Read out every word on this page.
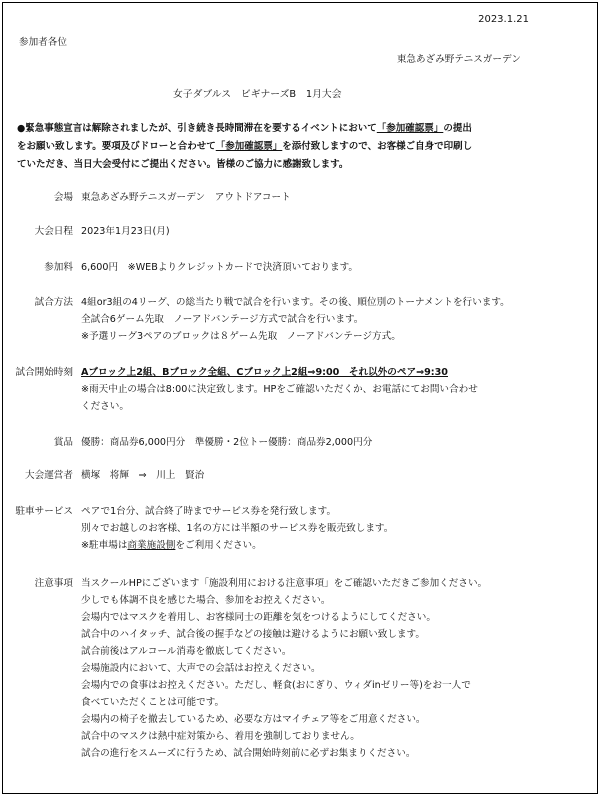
2023.1.21
参加者各位
東急あざみ野テニスガーデン
女子ダブルス　ビギナーズB　1月大会
●緊急事態宣言は解除されましたが、引き続き長時間滞在を要するイベントにおいて「参加確認票」の提出
をお願い致します。要項及びドローと合わせて「参加確認票」を添付致しますので、お客様ご自身で印刷し
ていただき、当日大会受付にご提出ください。皆様のご協力に感謝致します。
会場 東急あざみ野テニスガーデン　アウトドアコート
大会日程 2023年1月23日(月)
参加料 6,600円　※WEBよりクレジットカードで決済頂いております。
試合方法 4組or3組の4リーグ、の総当たり戦で試合を行います。その後、順位別のトーナメントを行います。
全試合6ゲーム先取　ノーアドバンテージ方式で試合を行います。
※予選リーグ3ペアのブロックは８ゲーム先取　ノーアドバンテージ方式。
試合開始時刻 Aブロック上2組、Bブロック全組、Cブロック上2組⇒9:00　それ以外のペア⇒9:30
※雨天中止の場合は8:00に決定致します。HPをご確認いただくか、お電話にてお問い合わせ
ください。
賞品 優勝：商品券6,000円分　準優勝・2位トー優勝：商品券2,000円分
大会運営者 横塚　将輝　⇒　川上　賢治
駐車サービス ペアで1台分、試合終了時までサービス券を発行致します。
別々でお越しのお客様、1名の方には半額のサービス券を販売致します。
※駐車場は商業施設側をご利用ください。
注意事項 当スクールHPにございます「施設利用における注意事項」をご確認いただきご参加ください。
少しでも体調不良を感じた場合、参加をお控えください。
会場内ではマスクを着用し、お客様同士の距離を気をつけるようにしてください。
試合中のハイタッチ、試合後の握手などの接触は避けるようにお願い致します。
試合前後はアルコール消毒を徹底してください。
会場施設内において、大声での会話はお控えください。
会場内での食事はお控えください。ただし、軽食(おにぎり、ウィダinゼリー等)をお一人で
食べていただくことは可能です。
会場内の椅子を撤去しているため、必要な方はマイチェア等をご用意ください。
試合中のマスクは熱中症対策から、着用を強制しておりません。
試合の進行をスムーズに行うため、試合開始時刻前に必ずお集まりください。
